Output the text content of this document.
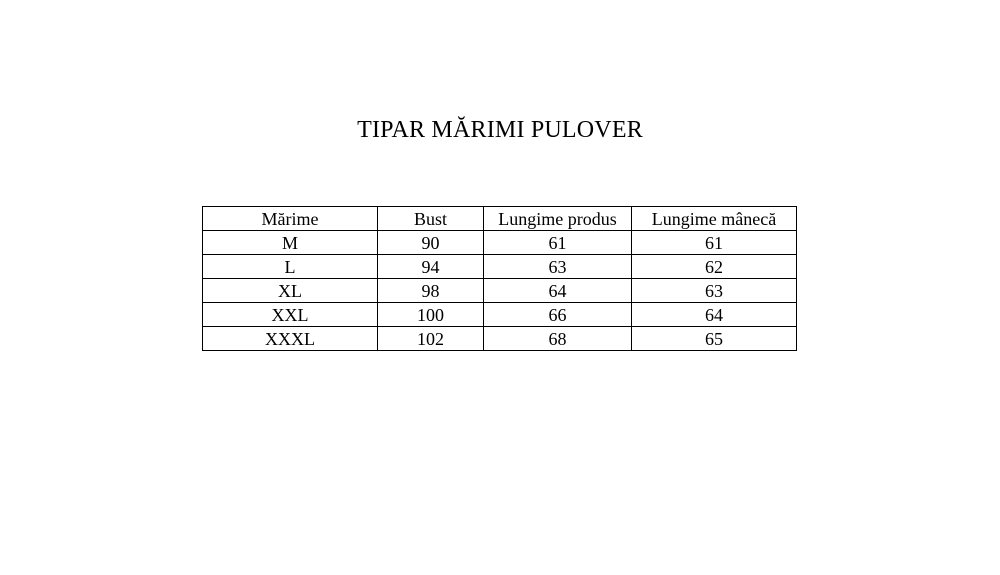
TIPAR MĂRIMI PULOVER
Mărime	Bust	Lungime produs	Lungime mânecă
M	90	61	61
L	94	63	62
XL	98	64	63
XXL	100	66	64
XXXL	102	68	65
